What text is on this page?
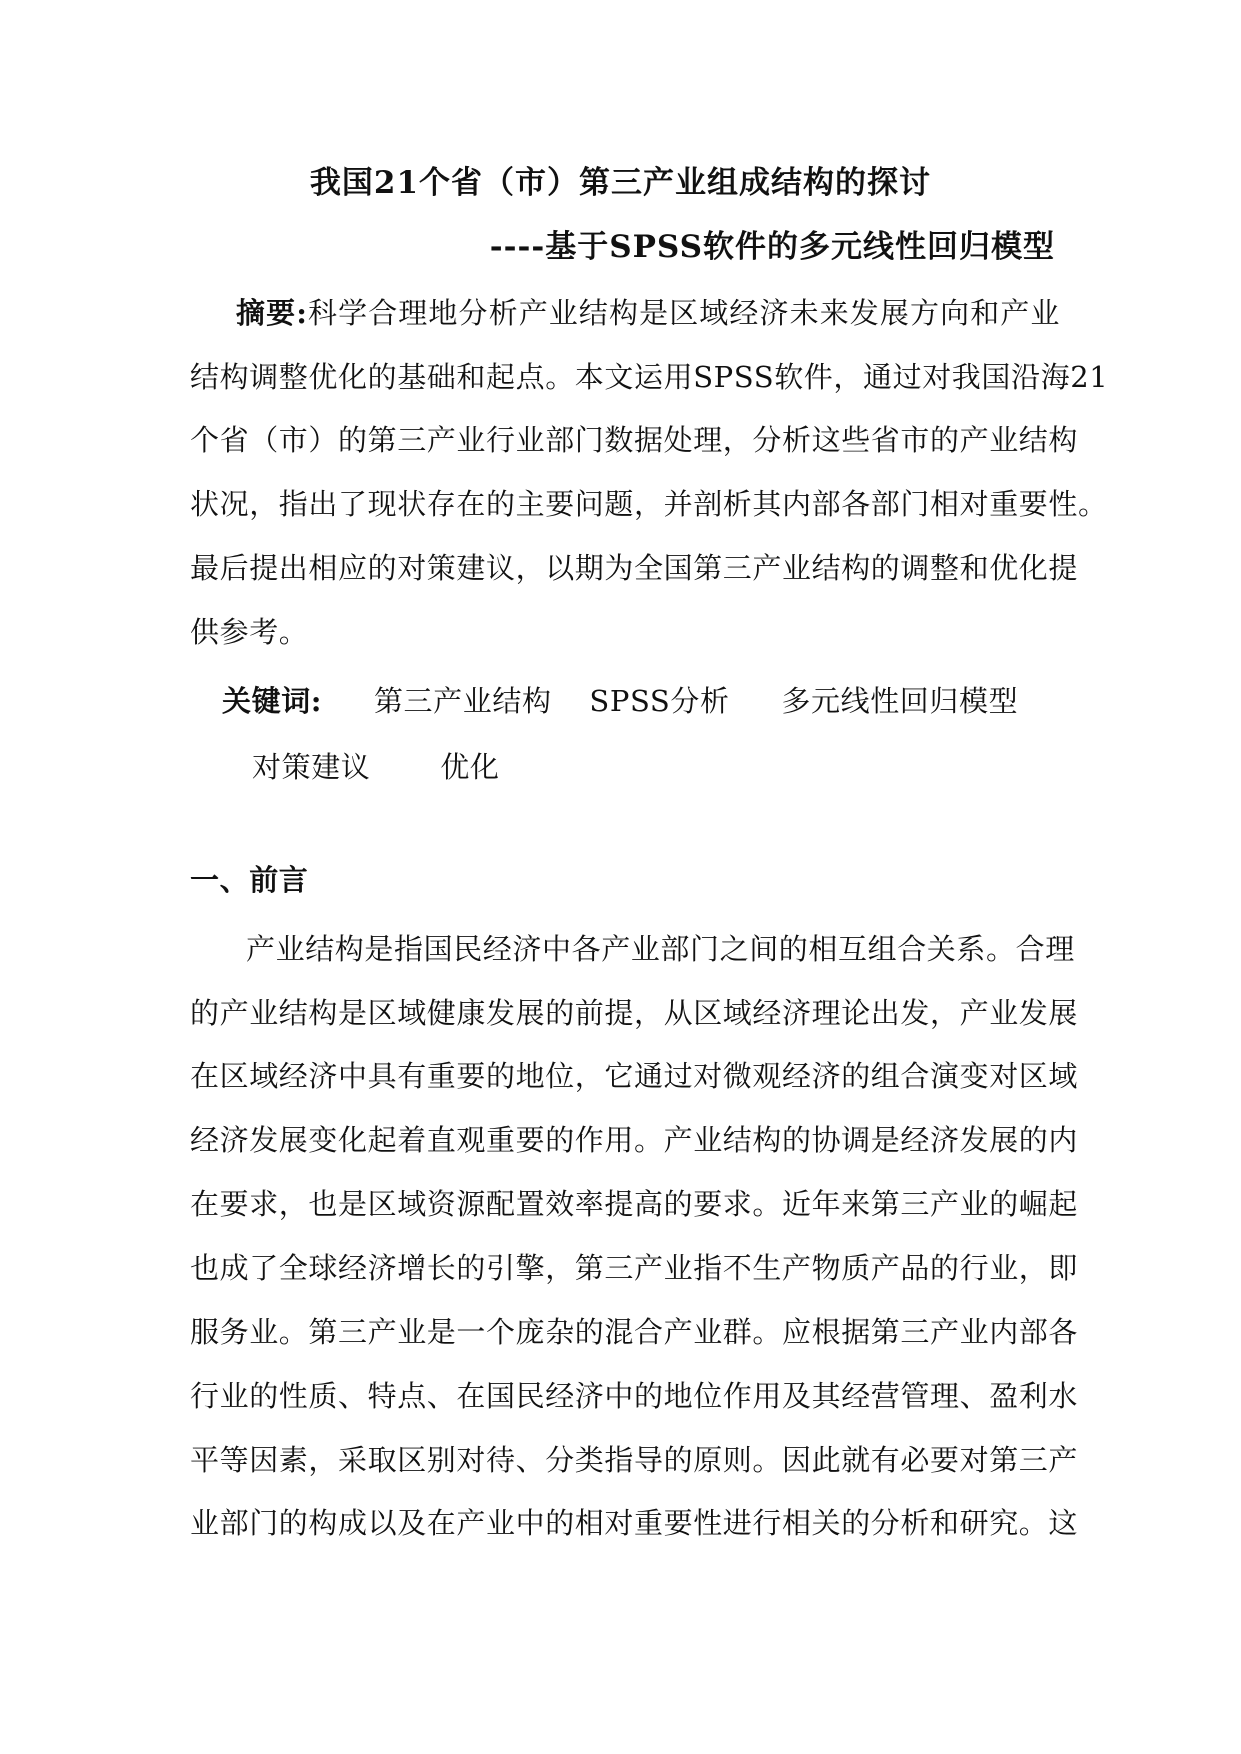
我国21个省（市）第三产业组成结构的探讨
----基于SPSS软件的多元线性回归模型
摘要:科学合理地分析产业结构是区域经济未来发展方向和产业
结构调整优化的基础和起点。本文运用SPSS软件，通过对我国沿海21
个省（市）的第三产业行业部门数据处理，分析这些省市的产业结构
状况，指出了现状存在的主要问题，并剖析其内部各部门相对重要性。
最后提出相应的对策建议，以期为全国第三产业结构的调整和优化提
供参考。
关键词: 第三产业结构 SPSS分析 多元线性回归模型
对策建议 优化
一、前言
产业结构是指国民经济中各产业部门之间的相互组合关系。合理
的产业结构是区域健康发展的前提，从区域经济理论出发，产业发展
在区域经济中具有重要的地位，它通过对微观经济的组合演变对区域
经济发展变化起着直观重要的作用。产业结构的协调是经济发展的内
在要求，也是区域资源配置效率提高的要求。近年来第三产业的崛起
也成了全球经济增长的引擎，第三产业指不生产物质产品的行业，即
服务业。第三产业是一个庞杂的混合产业群。应根据第三产业内部各
行业的性质、特点、在国民经济中的地位作用及其经营管理、盈利水
平等因素，采取区别对待、分类指导的原则。因此就有必要对第三产
业部门的构成以及在产业中的相对重要性进行相关的分析和研究。这
